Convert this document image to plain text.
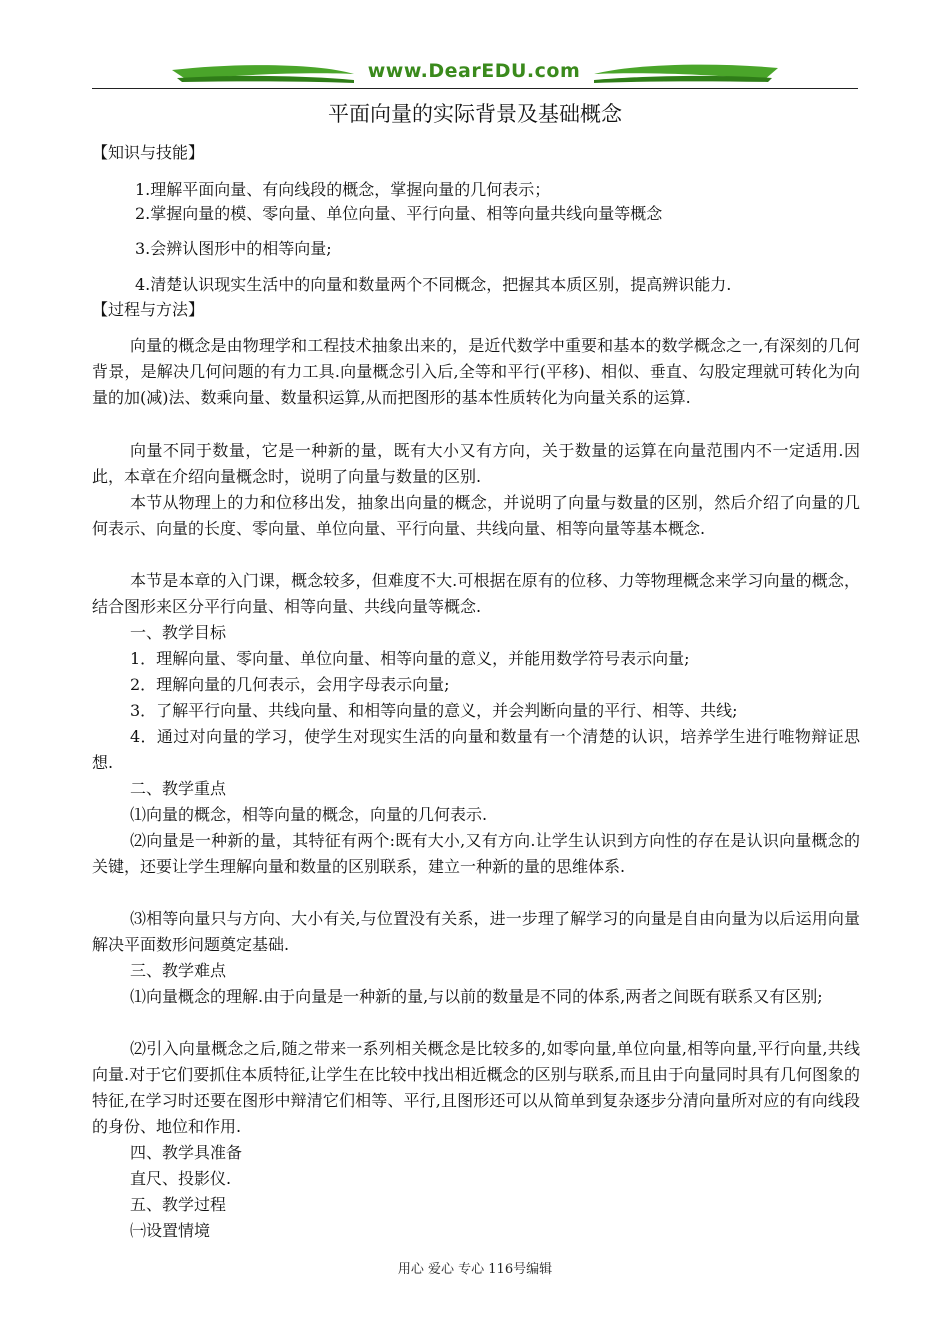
www.DearEDU.com
平面向量的实际背景及基础概念
【知识与技能】
1.理解平面向量、有向线段的概念，掌握向量的几何表示；
2.掌握向量的模、零向量、单位向量、平行向量、相等向量共线向量等概念
3.会辨认图形中的相等向量;
4.清楚认识现实生活中的向量和数量两个不同概念，把握其本质区别，提高辨识能力.
【过程与方法】
向量的概念是由物理学和工程技术抽象出来的，是近代数学中重要和基本的数学概念之一,有深刻的几何背景，是解决几何问题的有力工具.向量概念引入后,全等和平行(平移)、相似、垂直、勾股定理就可转化为向量的加(减)法、数乘向量、数量积运算,从而把图形的基本性质转化为向量关系的运算.
向量不同于数量，它是一种新的量，既有大小又有方向，关于数量的运算在向量范围内不一定适用.因此，本章在介绍向量概念时，说明了向量与数量的区别.
本节从物理上的力和位移出发，抽象出向量的概念，并说明了向量与数量的区别，然后介绍了向量的几何表示、向量的长度、零向量、单位向量、平行向量、共线向量、相等向量等基本概念.
本节是本章的入门课，概念较多，但难度不大.可根据在原有的位移、力等物理概念来学习向量的概念，结合图形来区分平行向量、相等向量、共线向量等概念.
一、教学目标
1．理解向量、零向量、单位向量、相等向量的意义，并能用数学符号表示向量;
2．理解向量的几何表示，会用字母表示向量;
3．了解平行向量、共线向量、和相等向量的意义，并会判断向量的平行、相等、共线;
4．通过对向量的学习，使学生对现实生活的向量和数量有一个清楚的认识，培养学生进行唯物辩证思想.
二、教学重点
⑴向量的概念，相等向量的概念，向量的几何表示.
⑵向量是一种新的量，其特征有两个:既有大小,又有方向.让学生认识到方向性的存在是认识向量概念的关键，还要让学生理解向量和数量的区别联系，建立一种新的量的思维体系.
⑶相等向量只与方向、大小有关,与位置没有关系，进一步理了解学习的向量是自由向量为以后运用向量解决平面数形问题奠定基础.
三、教学难点
⑴向量概念的理解.由于向量是一种新的量,与以前的数量是不同的体系,两者之间既有联系又有区别;
⑵引入向量概念之后,随之带来一系列相关概念是比较多的,如零向量,单位向量,相等向量,平行向量,共线向量.对于它们要抓住本质特征,让学生在比较中找出相近概念的区别与联系,而且由于向量同时具有几何图象的特征,在学习时还要在图形中辩清它们相等、平行,且图形还可以从简单到复杂逐步分清向量所对应的有向线段的身份、地位和作用.
四、教学具准备
直尺、投影仪.
五、教学过程
㈠设置情境
用心 爱心 专心 116号编辑
